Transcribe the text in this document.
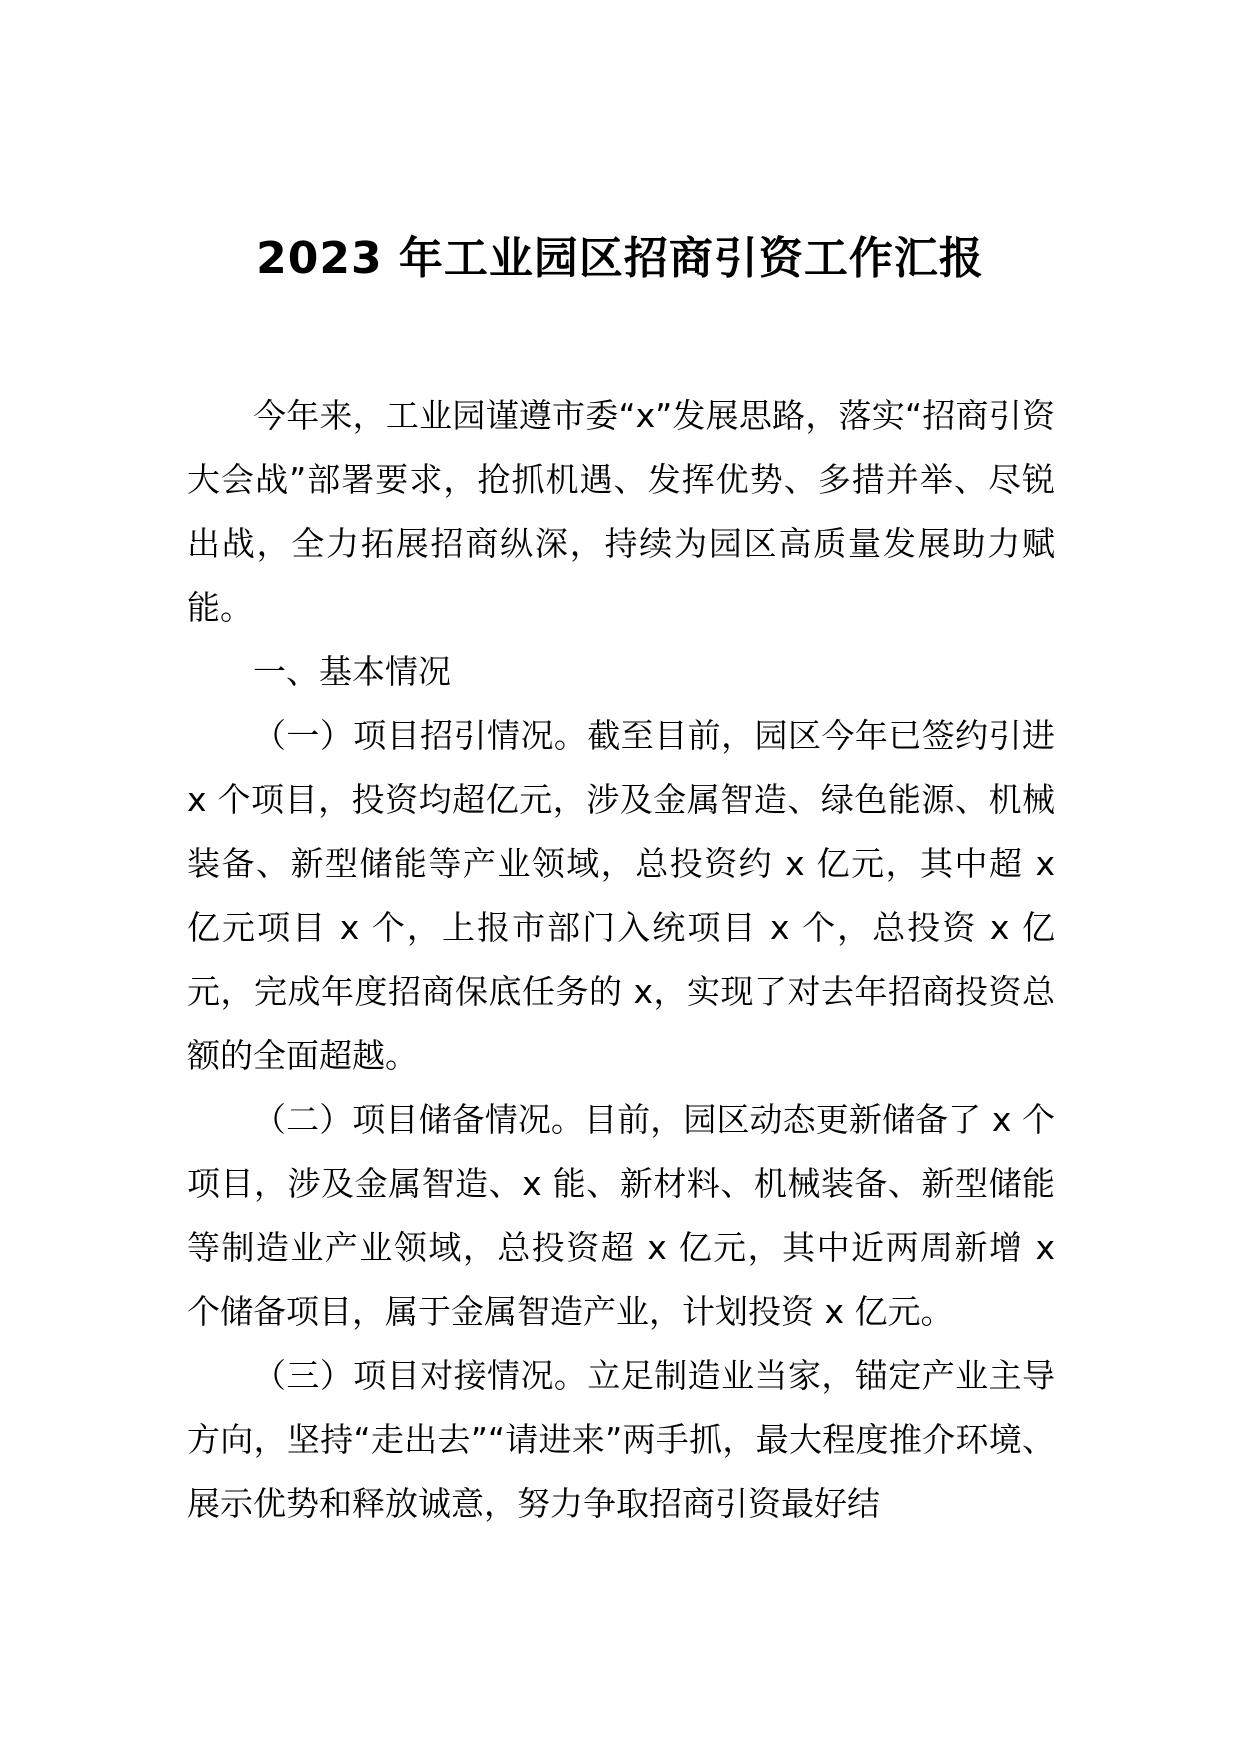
2023 年工业园区招商引资工作汇报

今年来，工业园谨遵市委“x”发展思路，落实“招商引资大会战”部署要求，抢抓机遇、发挥优势、多措并举、尽锐出战，全力拓展招商纵深，持续为园区高质量发展助力赋能。

一、基本情况

（一）项目招引情况。截至目前，园区今年已签约引进 x 个项目，投资均超亿元，涉及金属智造、绿色能源、机械装备、新型储能等产业领域，总投资约 x 亿元，其中超 x 亿元项目 x 个，上报市部门入统项目 x 个，总投资 x 亿元，完成年度招商保底任务的 x，实现了对去年招商投资总额的全面超越。

（二）项目储备情况。目前，园区动态更新储备了 x 个项目，涉及金属智造、x 能、新材料、机械装备、新型储能等制造业产业领域，总投资超 x 亿元，其中近两周新增 x 个储备项目，属于金属智造产业，计划投资 x 亿元。

（三）项目对接情况。立足制造业当家，锚定产业主导方向，坚持“走出去”“请进来”两手抓，最大程度推介环境、展示优势和释放诚意，努力争取招商引资最好结
